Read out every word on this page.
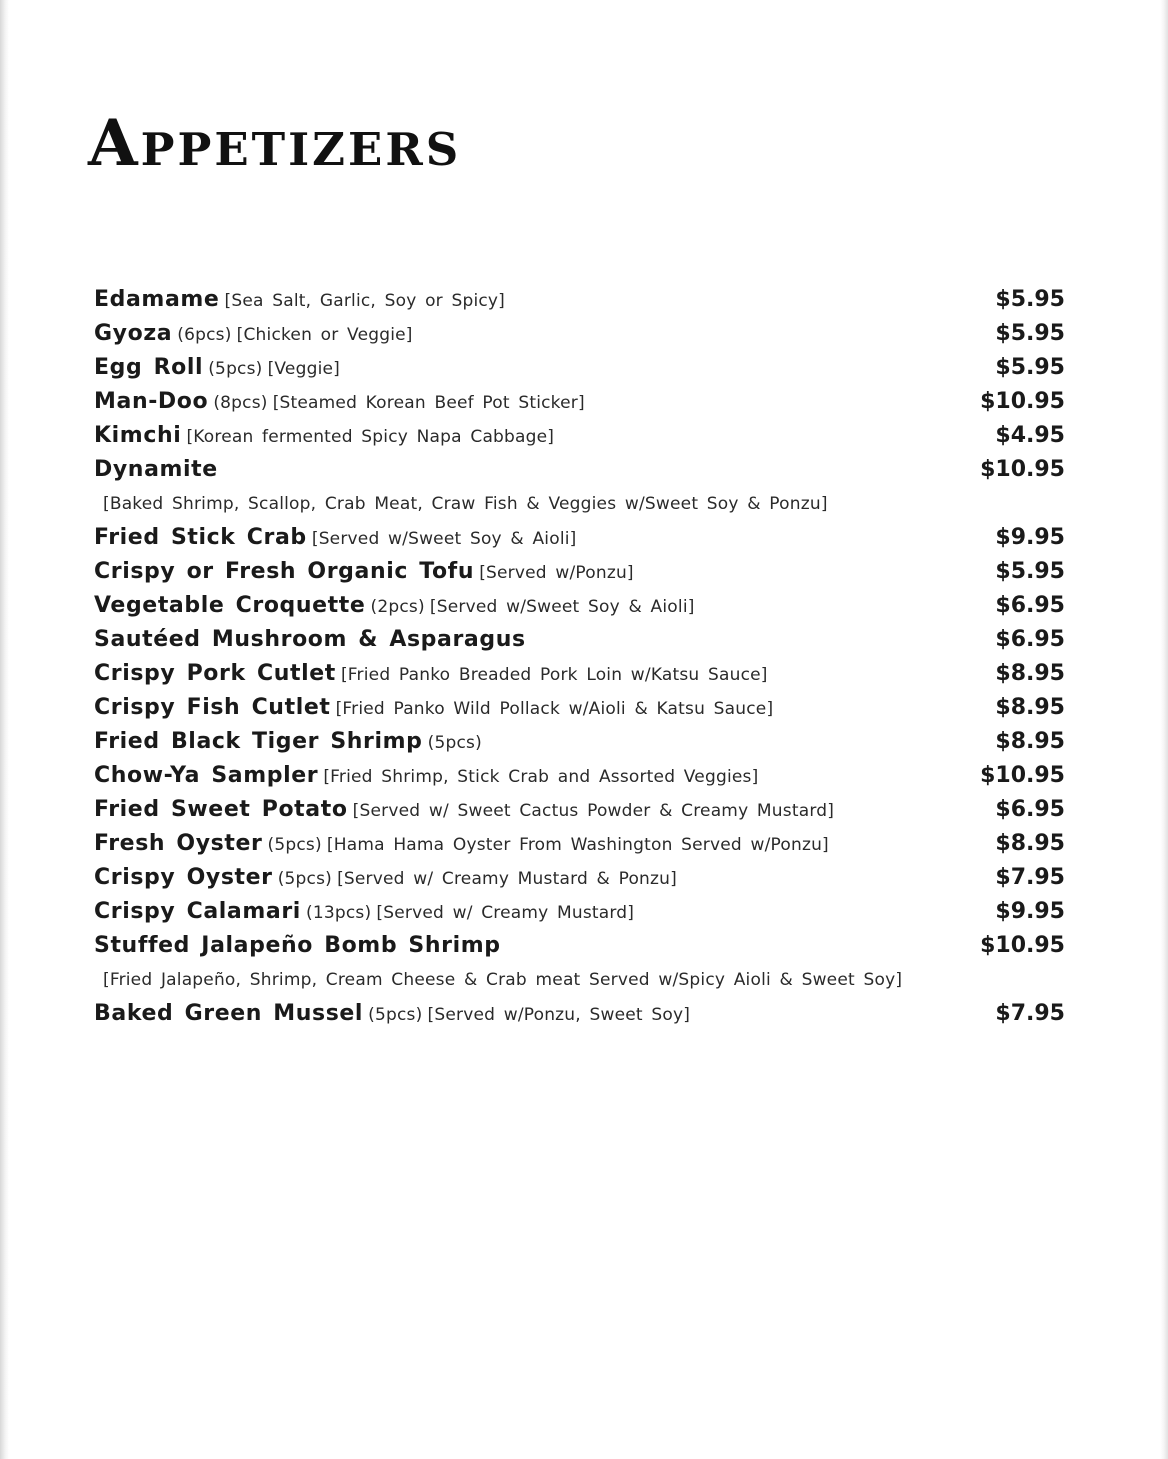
Appetizers
Edamame [Sea Salt, Garlic, Soy or Spicy]	$5.95
Gyoza (6pcs) [Chicken or Veggie]	$5.95
Egg Roll (5pcs) [Veggie]	$5.95
Man-Doo (8pcs) [Steamed Korean Beef Pot Sticker]	$10.95
Kimchi [Korean fermented Spicy Napa Cabbage]	$4.95
Dynamite	$10.95
[Baked Shrimp, Scallop, Crab Meat, Craw Fish & Veggies w/Sweet Soy & Ponzu]
Fried Stick Crab [Served w/Sweet Soy & Aioli]	$9.95
Crispy or Fresh Organic Tofu [Served w/Ponzu]	$5.95
Vegetable Croquette (2pcs) [Served w/Sweet Soy & Aioli]	$6.95
Sautéed Mushroom & Asparagus	$6.95
Crispy Pork Cutlet [Fried Panko Breaded Pork Loin w/Katsu Sauce]	$8.95
Crispy Fish Cutlet [Fried Panko Wild Pollack w/Aioli & Katsu Sauce]	$8.95
Fried Black Tiger Shrimp (5pcs)	$8.95
Chow-Ya Sampler [Fried Shrimp, Stick Crab and Assorted Veggies]	$10.95
Fried Sweet Potato [Served w/ Sweet Cactus Powder & Creamy Mustard]	$6.95
Fresh Oyster (5pcs) [Hama Hama Oyster From Washington Served w/Ponzu]	$8.95
Crispy Oyster (5pcs) [Served w/ Creamy Mustard & Ponzu]	$7.95
Crispy Calamari (13pcs) [Served w/ Creamy Mustard]	$9.95
Stuffed Jalapeño Bomb Shrimp	$10.95
[Fried Jalapeño, Shrimp, Cream Cheese & Crab meat Served w/Spicy Aioli & Sweet Soy]
Baked Green Mussel (5pcs) [Served w/Ponzu, Sweet Soy]	$7.95
